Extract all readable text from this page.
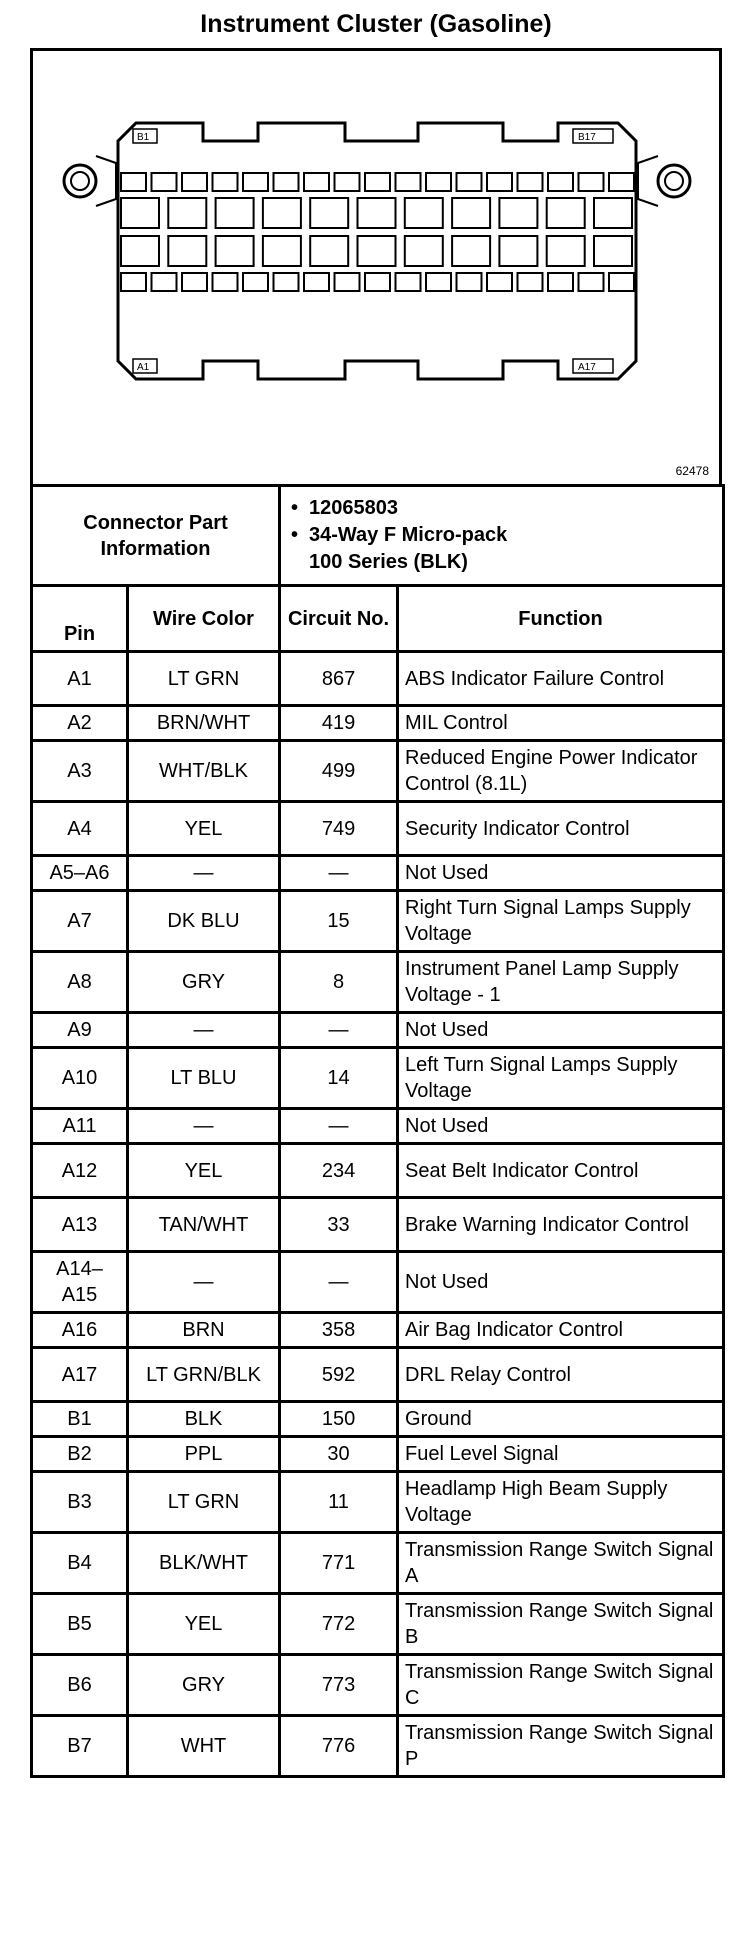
Instrument Cluster (Gasoline)
B1	B17
A1	A17
62478
Connector Part Information		• 12065803
• 34-Way F Micro-pack
100 Series (BLK)

Pin	Wire Color	Circuit No.	Function
A1	LT GRN	867	ABS Indicator Failure Control
A2	BRN/WHT	419	MIL Control
A3	WHT/BLK	499	Reduced Engine Power Indicator Control (8.1L)
A4	YEL	749	Security Indicator Control
A5–A6	—	—	Not Used
A7	DK BLU	15	Right Turn Signal Lamps Supply Voltage
A8	GRY	8	Instrument Panel Lamp Supply Voltage - 1
A9	—	—	Not Used
A10	LT BLU	14	Left Turn Signal Lamps Supply Voltage
A11	—	—	Not Used
A12	YEL	234	Seat Belt Indicator Control
A13	TAN/WHT	33	Brake Warning Indicator Control
A14–A15	—	—	Not Used
A16	BRN	358	Air Bag Indicator Control
A17	LT GRN/BLK	592	DRL Relay Control
B1	BLK	150	Ground
B2	PPL	30	Fuel Level Signal
B3	LT GRN	11	Headlamp High Beam Supply Voltage
B4	BLK/WHT	771	Transmission Range Switch Signal A
B5	YEL	772	Transmission Range Switch Signal B
B6	GRY	773	Transmission Range Switch Signal C
B7	WHT	776	Transmission Range Switch Signal P
